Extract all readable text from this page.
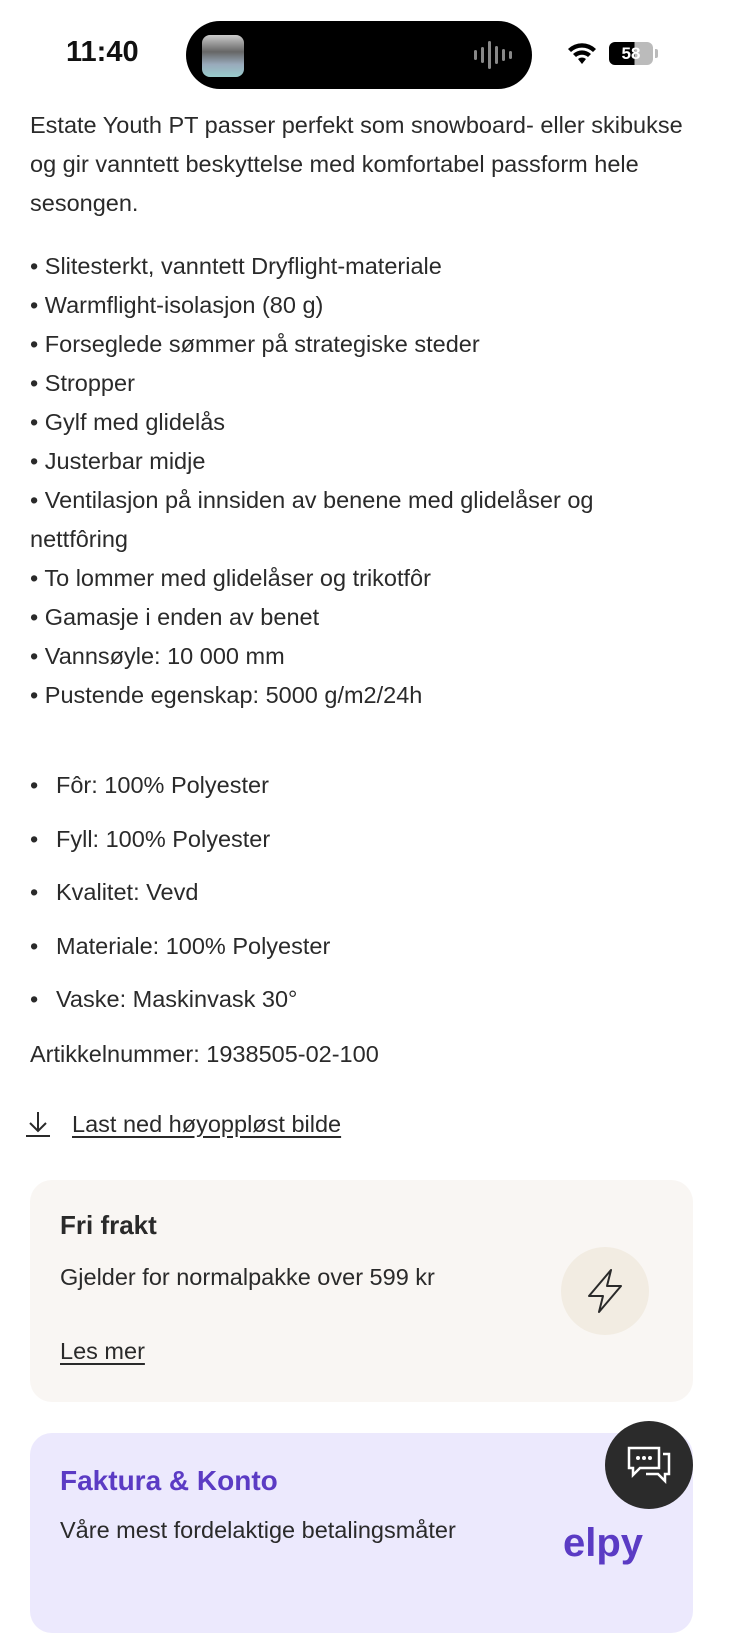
11:40	58

Estate Youth PT passer perfekt som snowboard- eller skibukse og gir vanntett beskyttelse med komfortabel passform hele sesongen.

• Slitesterkt, vanntett Dryflight-materiale
• Warmflight-isolasjon (80 g)
• Forseglede sømmer på strategiske steder
• Stropper
• Gylf med glidelås
• Justerbar midje
• Ventilasjon på innsiden av benene med glidelåser og nettfôring
• To lommer med glidelåser og trikotfôr
• Gamasje i enden av benet
• Vannsøyle: 10 000 mm
• Pustende egenskap: 5000 g/m2/24h
• Fôr: 100% Polyester
• Fyll: 100% Polyester
• Kvalitet: Vevd
• Materiale: 100% Polyester
• Vaske: Maskinvask 30°

Artikkelnummer: 1938505-02-100

Last ned høyoppløst bilde
Fri frakt
Gjelder for normalpakke over 599 kr
Les mer
Faktura & Konto
Våre mest fordelaktige betalingsmåter	elpy
